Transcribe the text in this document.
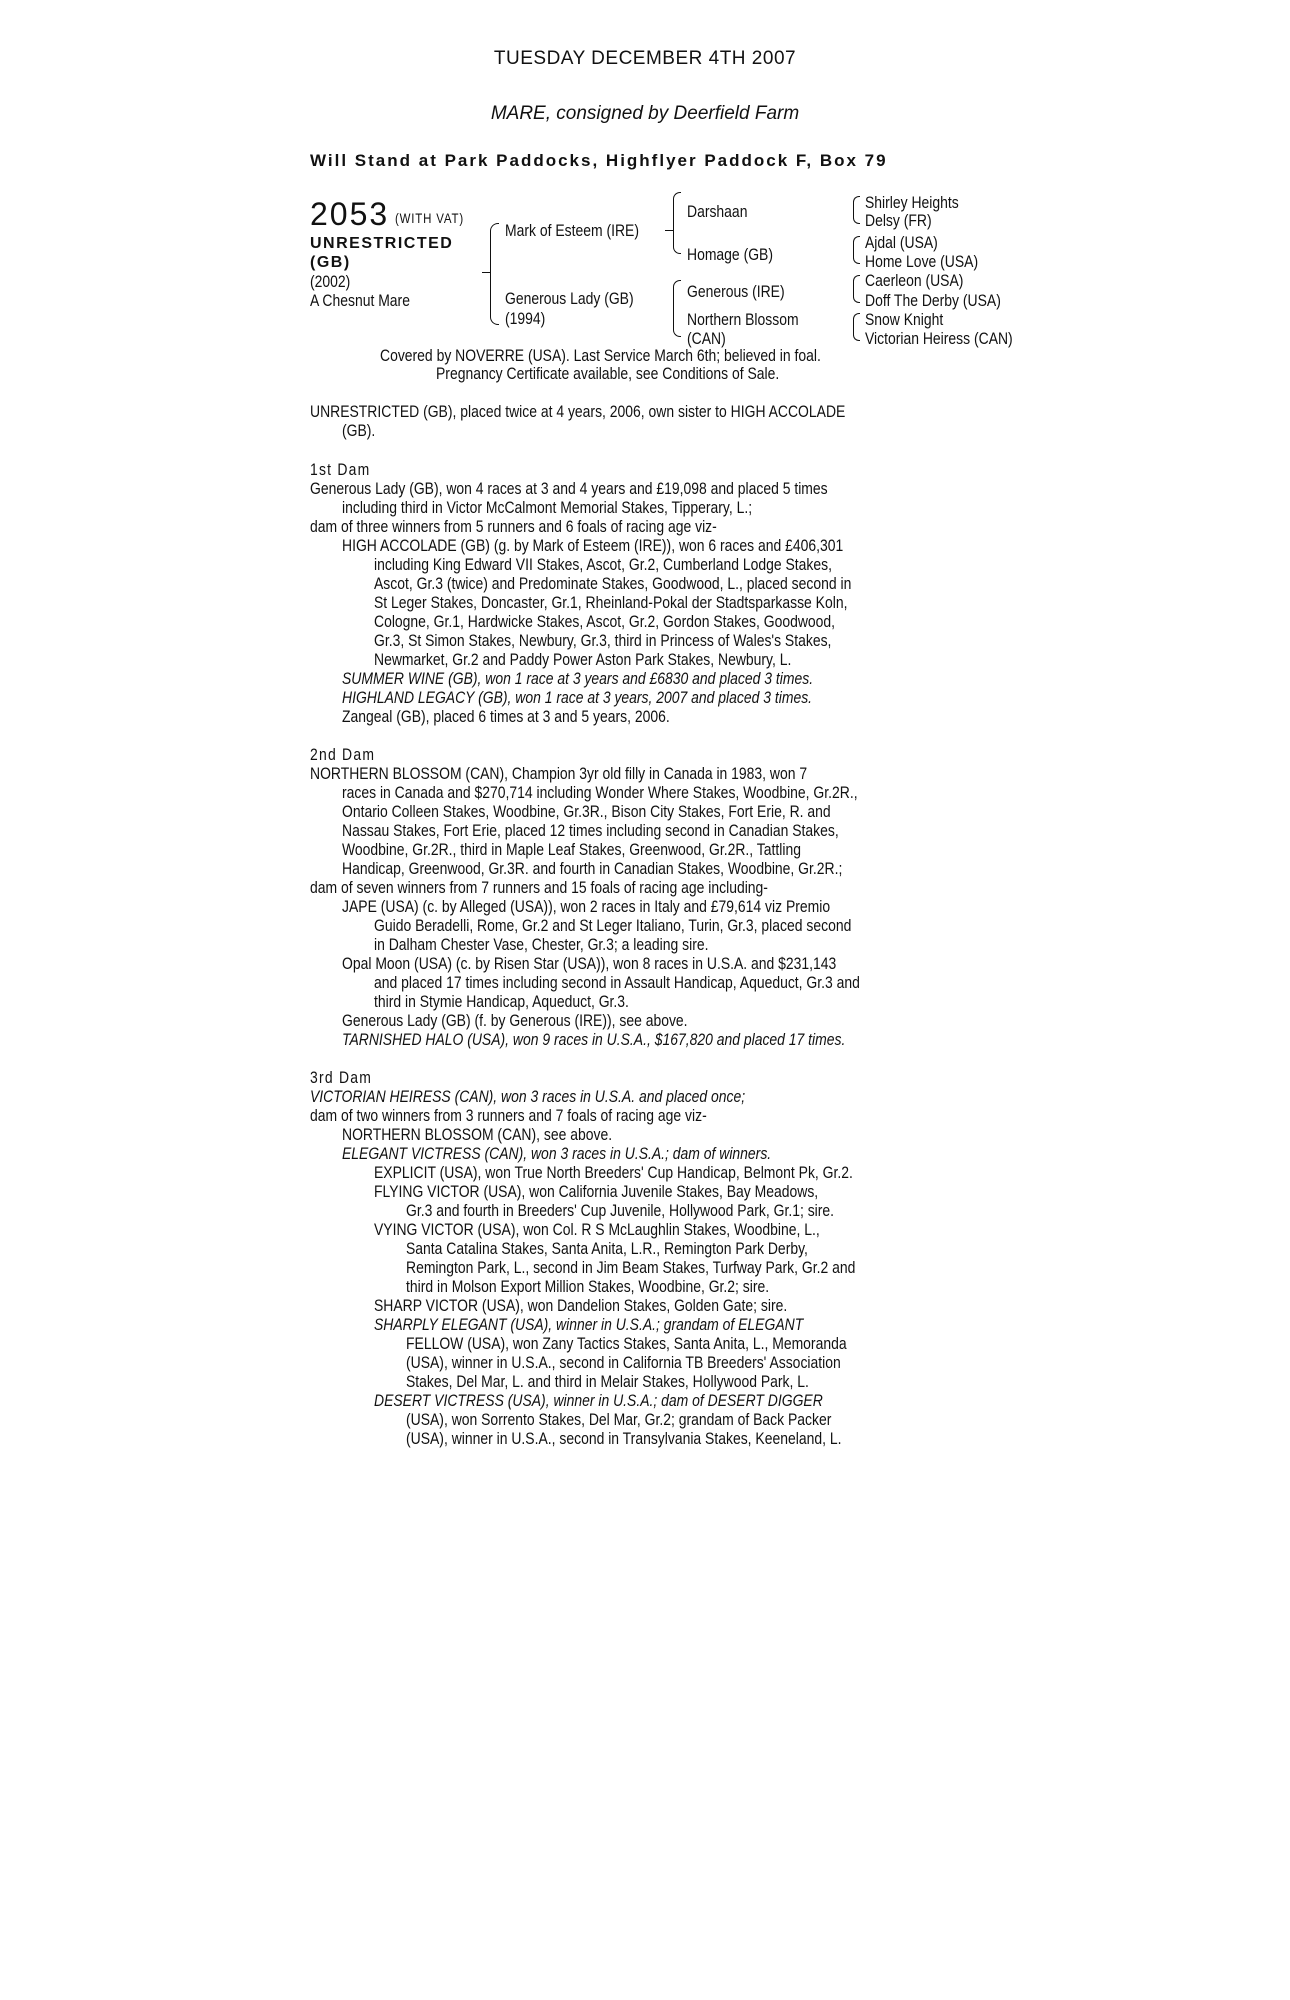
TUESDAY DECEMBER 4TH 2007
MARE, consigned by Deerfield Farm
Will Stand at Park Paddocks, Highflyer Paddock F, Box 79
2053 (WITH VAT)
UNRESTRICTED
(GB)
(2002)
A Chesnut Mare
Mark of Esteem (IRE)
Generous Lady (GB)
(1994)
Darshaan
Homage (GB)
Generous (IRE)
Northern Blossom
(CAN)
Shirley Heights
Delsy (FR)
Ajdal (USA)
Home Love (USA)
Caerleon (USA)
Doff The Derby (USA)
Snow Knight
Victorian Heiress (CAN)
Covered by NOVERRE (USA). Last Service March 6th; believed in foal.
Pregnancy Certificate available, see Conditions of Sale.
UNRESTRICTED (GB), placed twice at 4 years, 2006, own sister to HIGH ACCOLADE
(GB).
1st Dam
Generous Lady (GB), won 4 races at 3 and 4 years and £19,098 and placed 5 times
including third in Victor McCalmont Memorial Stakes, Tipperary, L.;
dam of three winners from 5 runners and 6 foals of racing age viz-
HIGH ACCOLADE (GB) (g. by Mark of Esteem (IRE)), won 6 races and £406,301
including King Edward VII Stakes, Ascot, Gr.2, Cumberland Lodge Stakes,
Ascot, Gr.3 (twice) and Predominate Stakes, Goodwood, L., placed second in
St Leger Stakes, Doncaster, Gr.1, Rheinland-Pokal der Stadtsparkasse Koln,
Cologne, Gr.1, Hardwicke Stakes, Ascot, Gr.2, Gordon Stakes, Goodwood,
Gr.3, St Simon Stakes, Newbury, Gr.3, third in Princess of Wales's Stakes,
Newmarket, Gr.2 and Paddy Power Aston Park Stakes, Newbury, L.
SUMMER WINE (GB), won 1 race at 3 years and £6830 and placed 3 times.
HIGHLAND LEGACY (GB), won 1 race at 3 years, 2007 and placed 3 times.
Zangeal (GB), placed 6 times at 3 and 5 years, 2006.
2nd Dam
NORTHERN BLOSSOM (CAN), Champion 3yr old filly in Canada in 1983, won 7
races in Canada and $270,714 including Wonder Where Stakes, Woodbine, Gr.2R.,
Ontario Colleen Stakes, Woodbine, Gr.3R., Bison City Stakes, Fort Erie, R. and
Nassau Stakes, Fort Erie, placed 12 times including second in Canadian Stakes,
Woodbine, Gr.2R., third in Maple Leaf Stakes, Greenwood, Gr.2R., Tattling
Handicap, Greenwood, Gr.3R. and fourth in Canadian Stakes, Woodbine, Gr.2R.;
dam of seven winners from 7 runners and 15 foals of racing age including-
JAPE (USA) (c. by Alleged (USA)), won 2 races in Italy and £79,614 viz Premio
Guido Beradelli, Rome, Gr.2 and St Leger Italiano, Turin, Gr.3, placed second
in Dalham Chester Vase, Chester, Gr.3; a leading sire.
Opal Moon (USA) (c. by Risen Star (USA)), won 8 races in U.S.A. and $231,143
and placed 17 times including second in Assault Handicap, Aqueduct, Gr.3 and
third in Stymie Handicap, Aqueduct, Gr.3.
Generous Lady (GB) (f. by Generous (IRE)), see above.
TARNISHED HALO (USA), won 9 races in U.S.A., $167,820 and placed 17 times.
3rd Dam
VICTORIAN HEIRESS (CAN), won 3 races in U.S.A. and placed once;
dam of two winners from 3 runners and 7 foals of racing age viz-
NORTHERN BLOSSOM (CAN), see above.
ELEGANT VICTRESS (CAN), won 3 races in U.S.A.; dam of winners.
EXPLICIT (USA), won True North Breeders' Cup Handicap, Belmont Pk, Gr.2.
FLYING VICTOR (USA), won California Juvenile Stakes, Bay Meadows,
Gr.3 and fourth in Breeders' Cup Juvenile, Hollywood Park, Gr.1; sire.
VYING VICTOR (USA), won Col. R S McLaughlin Stakes, Woodbine, L.,
Santa Catalina Stakes, Santa Anita, L.R., Remington Park Derby,
Remington Park, L., second in Jim Beam Stakes, Turfway Park, Gr.2 and
third in Molson Export Million Stakes, Woodbine, Gr.2; sire.
SHARP VICTOR (USA), won Dandelion Stakes, Golden Gate; sire.
SHARPLY ELEGANT (USA), winner in U.S.A.; grandam of ELEGANT
FELLOW (USA), won Zany Tactics Stakes, Santa Anita, L., Memoranda
(USA), winner in U.S.A., second in California TB Breeders' Association
Stakes, Del Mar, L. and third in Melair Stakes, Hollywood Park, L.
DESERT VICTRESS (USA), winner in U.S.A.; dam of DESERT DIGGER
(USA), won Sorrento Stakes, Del Mar, Gr.2; grandam of Back Packer
(USA), winner in U.S.A., second in Transylvania Stakes, Keeneland, L.
